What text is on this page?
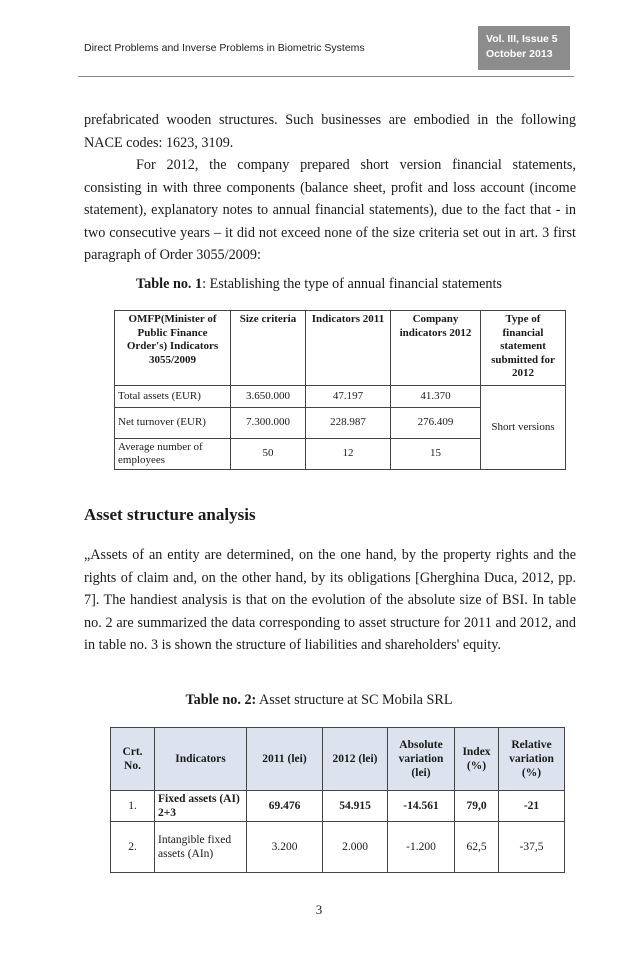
Direct Problems and Inverse Problems in Biometric Systems
Vol. III, Issue 5
October 2013

prefabricated wooden structures. Such businesses are embodied in the following NACE codes: 1623, 3109.

For 2012, the company prepared short version financial statements, consisting in with three components (balance sheet, profit and loss account (income statement), explanatory notes to annual financial statements), due to the fact that - in two consecutive years – it did not exceed none of the size criteria set out in art. 3 first paragraph of Order 3055/2009:

Table no. 1: Establishing the type of annual financial statements
OMFP(Minister of Public Finance Order's) Indicators 3055/2009	Size criteria	Indicators 2011	Company indicators 2012	Type of financial statement submitted for 2012
Total assets (EUR)	3.650.000	47.197	41.370	Short versions
Net turnover (EUR)	7.300.000	228.987	276.409	
Average number of employees	50	12	15	
Asset structure analysis

„Assets of an entity are determined, on the one hand, by the property rights and the rights of claim and, on the other hand, by its obligations [Gherghina Duca, 2012, pp. 7]. The handiest analysis is that on the evolution of the absolute size of BSI. In table no. 2 are summarized the data corresponding to asset structure for 2011 and 2012, and in table no. 3 is shown the structure of liabilities and shareholders' equity.

Table no. 2: Asset structure at SC Mobila SRL
Crt. No.	Indicators	2011 (lei)	2012 (lei)	Absolute variation (lei)	Index (%)	Relative variation (%)
1.	Fixed assets (AI) 2+3	69.476	54.915	-14.561	79,0	-21
2.	Intangible fixed assets (AIn)	3.200	2.000	-1.200	62,5	-37,5
3
